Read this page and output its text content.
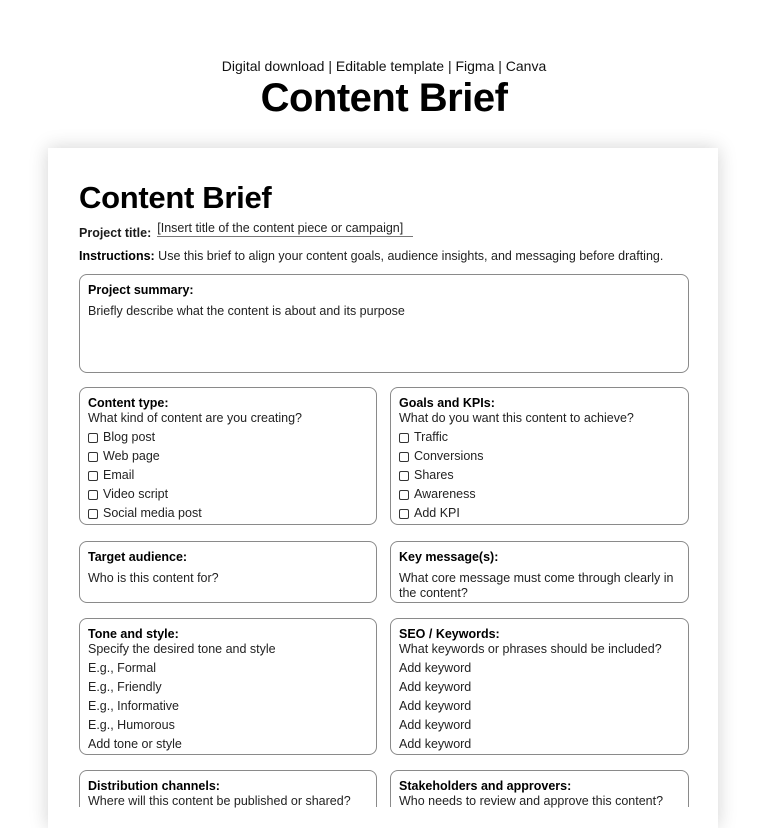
Digital download | Editable template | Figma | Canva
Content Brief
Content Brief
Project title: [Insert title of the content piece or campaign]
Instructions: Use this brief to align your content goals, audience insights, and messaging before drafting.
Project summary:
Briefly describe what the content is about and its purpose
Content type:
What kind of content are you creating?
Blog post
Web page
Email
Video script
Social media post
Goals and KPIs:
What do you want this content to achieve?
Traffic
Conversions
Shares
Awareness
Add KPI
Target audience:
Who is this content for?
Key message(s):
What core message must come through clearly in the content?
Tone and style:
Specify the desired tone and style
E.g., Formal
E.g., Friendly
E.g., Informative
E.g., Humorous
Add tone or style
SEO / Keywords:
What keywords or phrases should be included?
Add keyword
Add keyword
Add keyword
Add keyword
Add keyword
Distribution channels:
Where will this content be published or shared?
Stakeholders and approvers:
Who needs to review and approve this content?
